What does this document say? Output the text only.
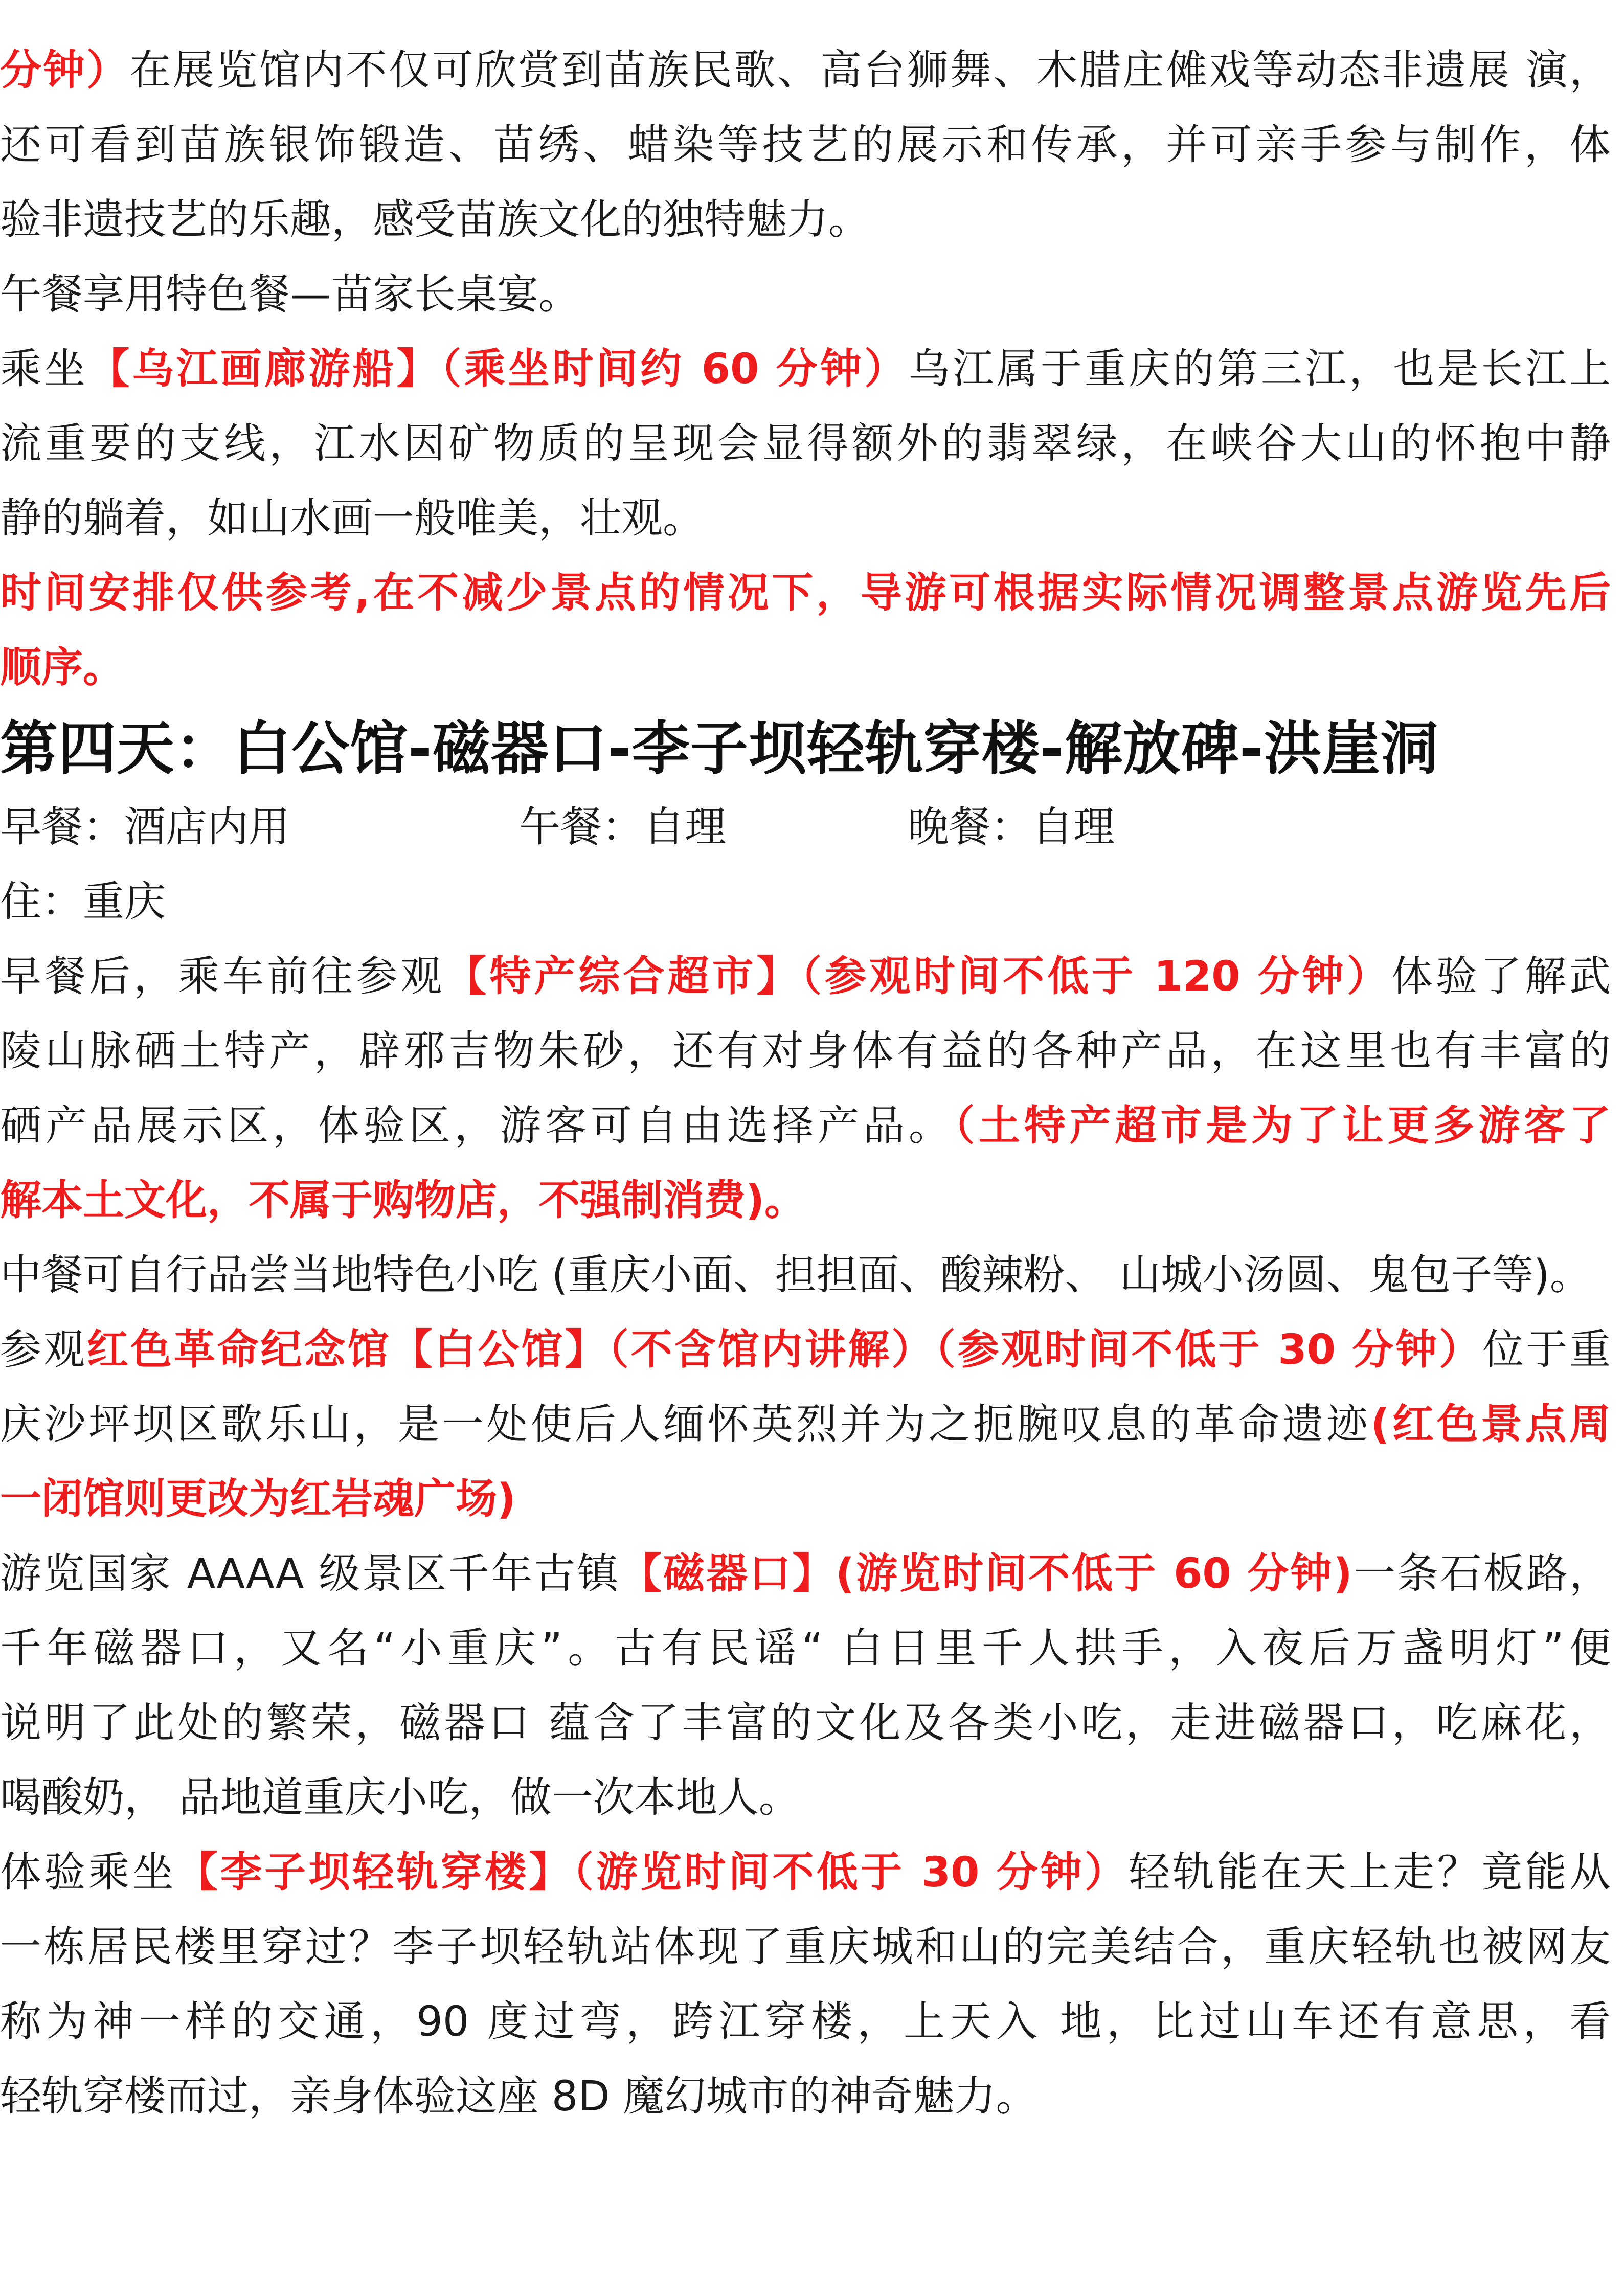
分钟）在展览馆内不仅可欣赏到苗族民歌、高台狮舞、木腊庄傩戏等动态非遗展 演，
还可看到苗族银饰锻造、苗绣、蜡染等技艺的展示和传承，并可亲手参与制作，体
验非遗技艺的乐趣，感受苗族文化的独特魅力。
午餐享用特色餐—苗家长桌宴。
乘坐【乌江画廊游船】（乘坐时间约 60 分钟）乌江属于重庆的第三江，也是长江上
流重要的支线，江水因矿物质的呈现会显得额外的翡翠绿，在峡谷大山的怀抱中静
静的躺着，如山水画一般唯美，壮观。
时间安排仅供参考,在不减少景点的情况下，导游可根据实际情况调整景点游览先后
顺序。
第四天：白公馆-磁器口-李子坝轻轨穿楼-解放碑-洪崖洞
早餐：酒店内用	午餐：自理	晚餐：自理
住：重庆
早餐后，乘车前往参观【特产综合超市】（参观时间不低于 120 分钟）体验了解武
陵山脉硒土特产，辟邪吉物朱砂，还有对身体有益的各种产品，在这里也有丰富的
硒产品展示区，体验区，游客可自由选择产品。（土特产超市是为了让更多游客了
解本土文化，不属于购物店，不强制消费)。
中餐可自行品尝当地特色小吃 (重庆小面、担担面、酸辣粉、 山城小汤圆、鬼包子等)。
参观红色革命纪念馆【白公馆】（不含馆内讲解）（参观时间不低于 30 分钟）位于重
庆沙坪坝区歌乐山，是一处使后人缅怀英烈并为之扼腕叹息的革命遗迹(红色景点周
一闭馆则更改为红岩魂广场)
游览国家 AAAA 级景区千年古镇【磁器口】(游览时间不低于 60 分钟)一条石板路，
千年磁器口，又名“小重庆”。古有民谣“ 白日里千人拱手，入夜后万盏明灯”便
说明了此处的繁荣，磁器口 蕴含了丰富的文化及各类小吃，走进磁器口，吃麻花，
喝酸奶， 品地道重庆小吃，做一次本地人。
体验乘坐【李子坝轻轨穿楼】（游览时间不低于 30 分钟）轻轨能在天上走？竟能从
一栋居民楼里穿过？李子坝轻轨站体现了重庆城和山的完美结合，重庆轻轨也被网友
称为神一样的交通，90 度过弯，跨江穿楼，上天入 地，比过山车还有意思，看
轻轨穿楼而过，亲身体验这座 8D 魔幻城市的神奇魅力。
